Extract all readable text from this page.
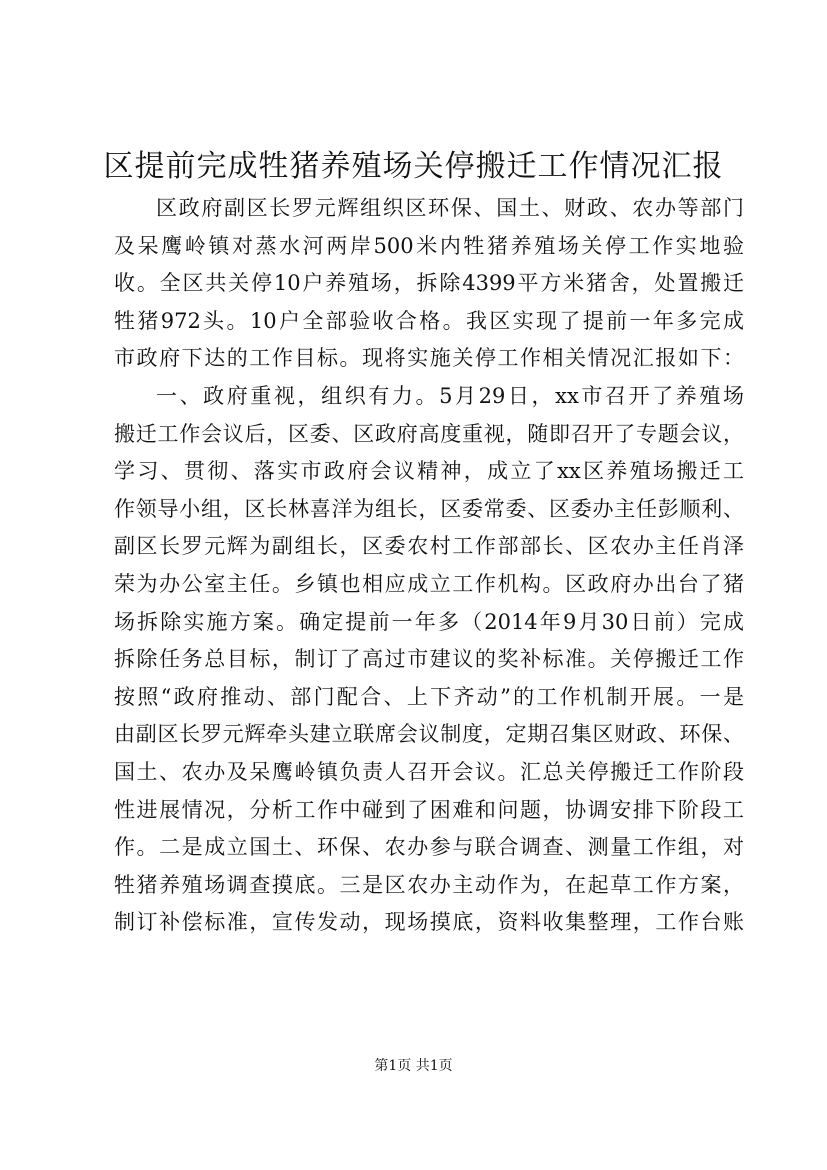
区提前完成牲猪养殖场关停搬迁工作情况汇报
区政府副区长罗元辉组织区环保、国土、财政、农办等部门
及呆鹰岭镇对蒸水河两岸500米内牲猪养殖场关停工作实地验
收。全区共关停10户养殖场，拆除4399平方米猪舍，处置搬迁
牲猪972头。10户全部验收合格。我区实现了提前一年多完成
市政府下达的工作目标。现将实施关停工作相关情况汇报如下：
一、政府重视，组织有力。5月29日，xx市召开了养殖场
搬迁工作会议后，区委、区政府高度重视，随即召开了专题会议，
学习、贯彻、落实市政府会议精神，成立了xx区养殖场搬迁工
作领导小组，区长林喜洋为组长，区委常委、区委办主任彭顺利、
副区长罗元辉为副组长，区委农村工作部部长、区农办主任肖泽
荣为办公室主任。乡镇也相应成立工作机构。区政府办出台了猪
场拆除实施方案。确定提前一年多（2014年9月30日前）完成
拆除任务总目标，制订了高过市建议的奖补标准。关停搬迁工作
按照“政府推动、部门配合、上下齐动”的工作机制开展。一是
由副区长罗元辉牵头建立联席会议制度，定期召集区财政、环保、
国土、农办及呆鹰岭镇负责人召开会议。汇总关停搬迁工作阶段
性进展情况，分析工作中碰到了困难和问题，协调安排下阶段工
作。二是成立国土、环保、农办参与联合调查、测量工作组，对
牲猪养殖场调查摸底。三是区农办主动作为，在起草工作方案，
制订补偿标准，宣传发动，现场摸底，资料收集整理，工作台账
第1页 共1页
